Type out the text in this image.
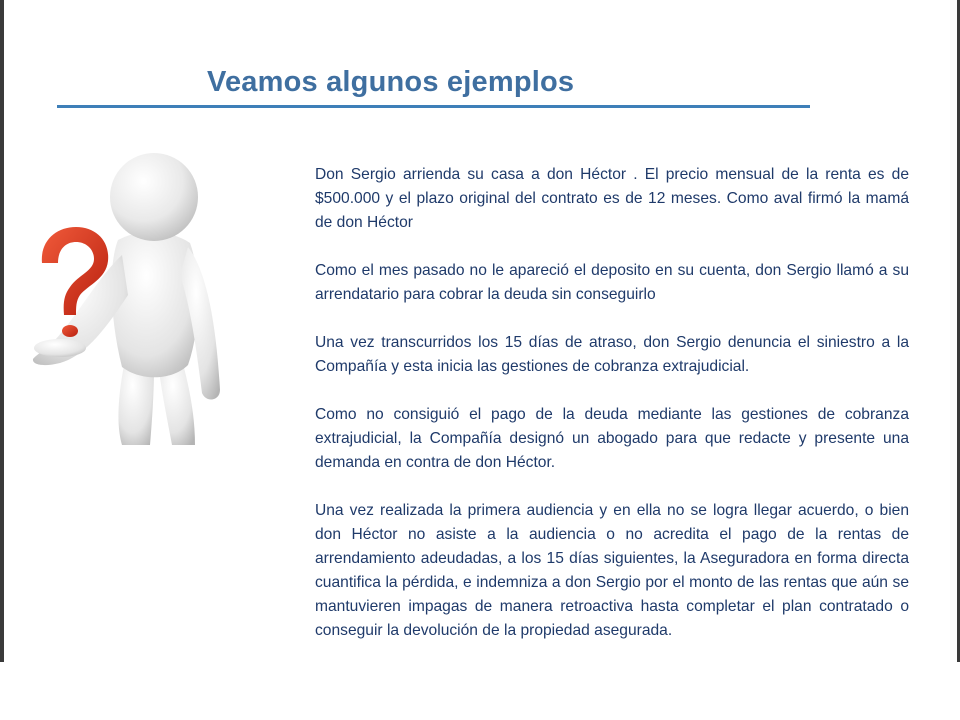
Veamos algunos ejemplos

Don Sergio arrienda su casa a don Héctor . El precio mensual de la renta es de $500.000 y el plazo original del contrato es de 12 meses. Como aval firmó la mamá de don Héctor

Como el mes pasado no le apareció el deposito en su cuenta, don Sergio llamó a su arrendatario para cobrar la deuda sin conseguirlo

Una vez transcurridos los 15 días de atraso, don Sergio denuncia el siniestro a la Compañía y esta inicia las gestiones de cobranza extrajudicial.

Como no consiguió el pago de la deuda mediante las gestiones de cobranza extrajudicial, la Compañía designó un abogado para que redacte y presente una demanda en contra de don Héctor.

Una vez realizada la primera audiencia y en ella no se logra llegar acuerdo, o bien don Héctor no asiste a la audiencia o no acredita el pago de la rentas de arrendamiento adeudadas, a los 15 días siguientes, la Aseguradora en forma directa cuantifica la pérdida, e indemniza a don Sergio por el monto de las rentas que aún se mantuvieren impagas de manera retroactiva hasta completar el plan contratado o conseguir la devolución de la propiedad asegurada.
